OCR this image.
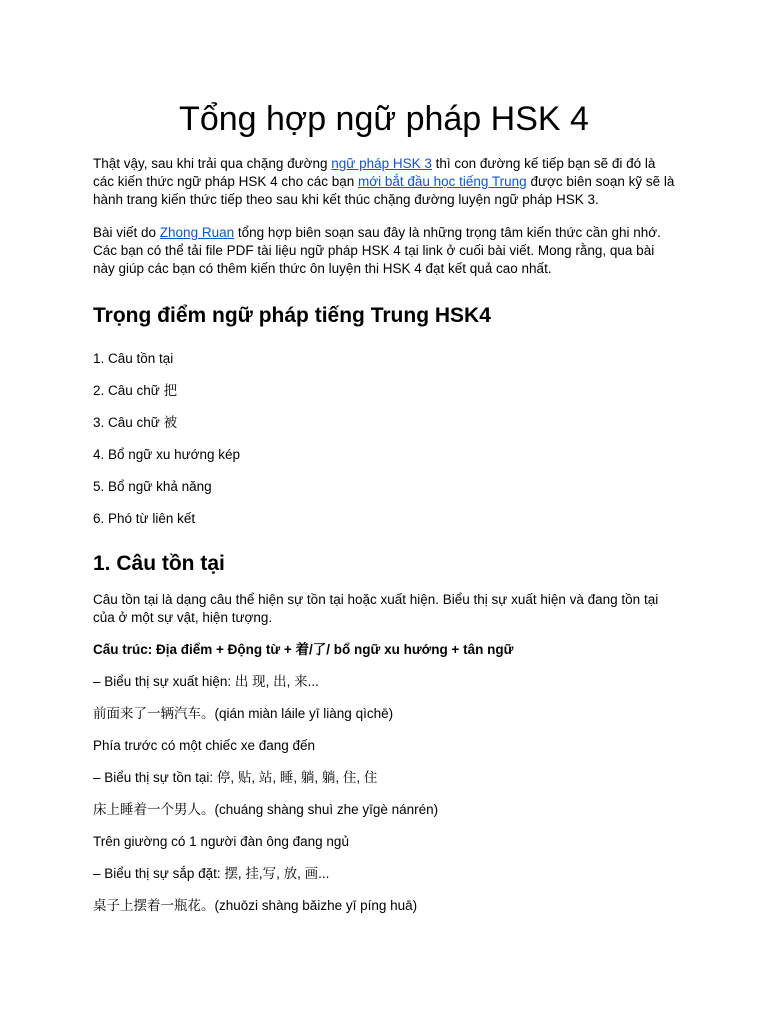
Tổng hợp ngữ pháp HSK 4

Thật vậy, sau khi trải qua chặng đường ngữ pháp HSK 3 thì con đường kế tiếp bạn sẽ đi đó là các kiến thức ngữ pháp HSK 4 cho các bạn mới bắt đầu học tiếng Trung được biên soạn kỹ sẽ là hành trang kiến thức tiếp theo sau khi kết thúc chặng đường luyện ngữ pháp HSK 3.

Bài viết do Zhong Ruan tổng hợp biên soạn sau đây là những trọng tâm kiến thức cần ghi nhớ. Các bạn có thể tải file PDF tài liệu ngữ pháp HSK 4 tại link ở cuối bài viết. Mong rằng, qua bài này giúp các bạn có thêm kiến thức ôn luyện thi HSK 4 đạt kết quả cao nhất.

Trọng điểm ngữ pháp tiếng Trung HSK4

1. Câu tồn tại

2. Câu chữ 把

3. Câu chữ 被

4. Bổ ngữ xu hướng kép

5. Bổ ngữ khả năng

6. Phó từ liên kết

1. Câu tồn tại

Câu tồn tại là dạng câu thể hiện sự tồn tại hoặc xuất hiện. Biểu thị sự xuất hiện và đang tồn tại của ở một sự vật, hiện tượng.

Cấu trúc: Địa điểm + Động từ + 着/了/ bổ ngữ xu hướng + tân ngữ

– Biểu thị sự xuất hiện: 出 现, 出, 来...

前面来了一辆汽车。(qián miàn láile yī liàng qìchē)

Phía trước có một chiếc xe đang đến

– Biểu thị sự tồn tại: 停, 贴, 站, 睡, 躺, 躺, 住, 住

床上睡着一个男人。(chuáng shàng shuì zhe yīgè nánrén)

Trên giường có 1 người đàn ông đang ngủ

– Biểu thị sự sắp đặt: 摆, 挂,写, 放, 画...

桌子上摆着一瓶花。(zhuōzi shàng bǎizhe yī píng huā)
